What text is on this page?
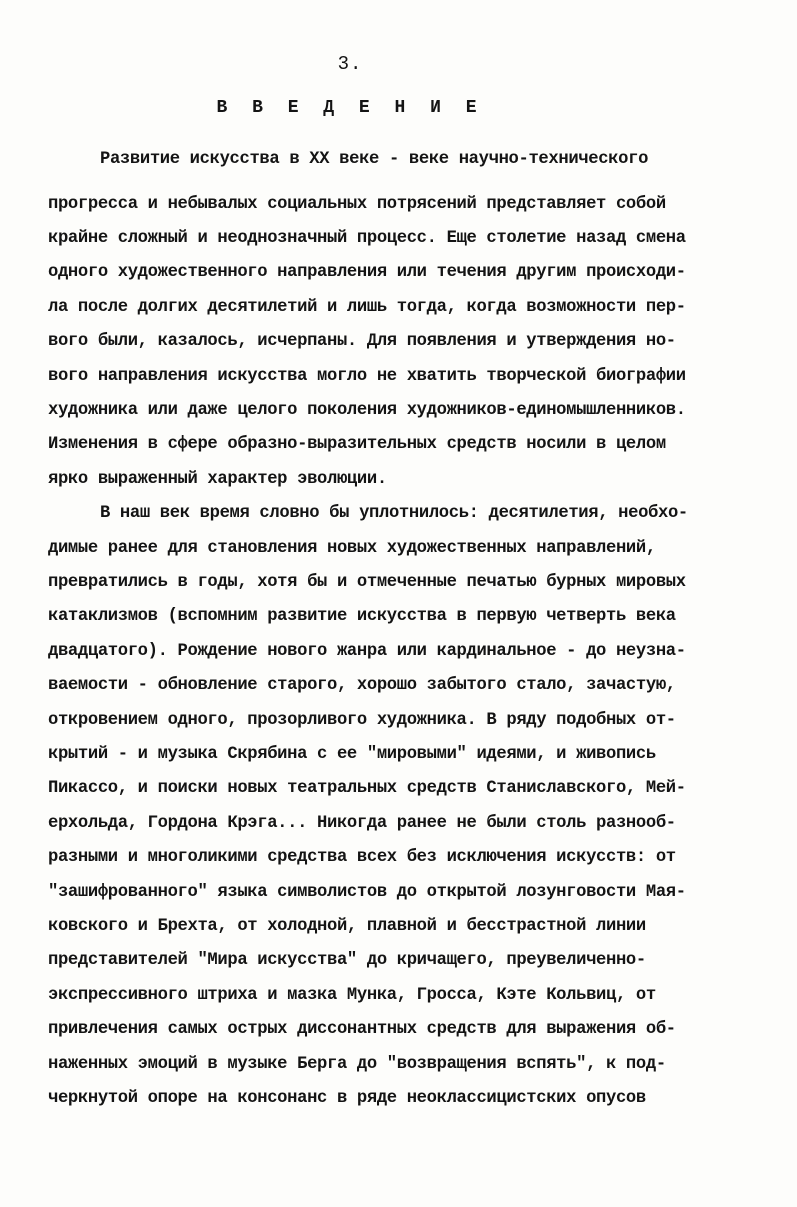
3.
В В Е Д Е Н И Е
Развитие искусства в XX веке - веке научно-технического
прогресса и небывалых социальных потрясений представляет собой
крайне сложный и неоднозначный процесс. Еще столетие назад смена
одного художественного направления или течения другим происходи-
ла после долгих десятилетий и лишь тогда, когда возможности пер-
вого были, казалось, исчерпаны. Для появления и утверждения но-
вого направления искусства могло не хватить творческой биографии
художника или даже целого поколения художников-единомышленников.
Изменения в сфере образно-выразительных средств носили в целом
ярко выраженный характер эволюции.
В наш век время словно бы уплотнилось: десятилетия, необхо-
димые ранее для становления новых художественных направлений,
превратились в годы, хотя бы и отмеченные печатью бурных мировых
катаклизмов (вспомним развитие искусства в первую четверть века
двадцатого). Рождение нового жанра или кардинальное - до неузна-
ваемости - обновление старого, хорошо забытого стало, зачастую,
откровением одного, прозорливого художника. В ряду подобных от-
крытий - и музыка Скрябина с ее "мировыми" идеями, и живопись
Пикассо, и поиски новых театральных средств Станиславского, Мей-
ерхольда, Гордона Крэга... Никогда ранее не были столь разнооб-
разными и многоликими средства всех без исключения искусств: от
"зашифрованного" языка символистов до открытой лозунговости Мая-
ковского и Брехта, от холодной, плавной и бесстрастной линии
представителей "Мира искусства" до кричащего, преувеличенно-
экспрессивного штриха и мазка Мунка, Гросса, Кэте Кольвиц, от
привлечения самых острых диссонантных средств для выражения об-
наженных эмоций в музыке Берга до "возвращения вспять", к под-
черкнутой опоре на консонанс в ряде неоклассицистских опусов
